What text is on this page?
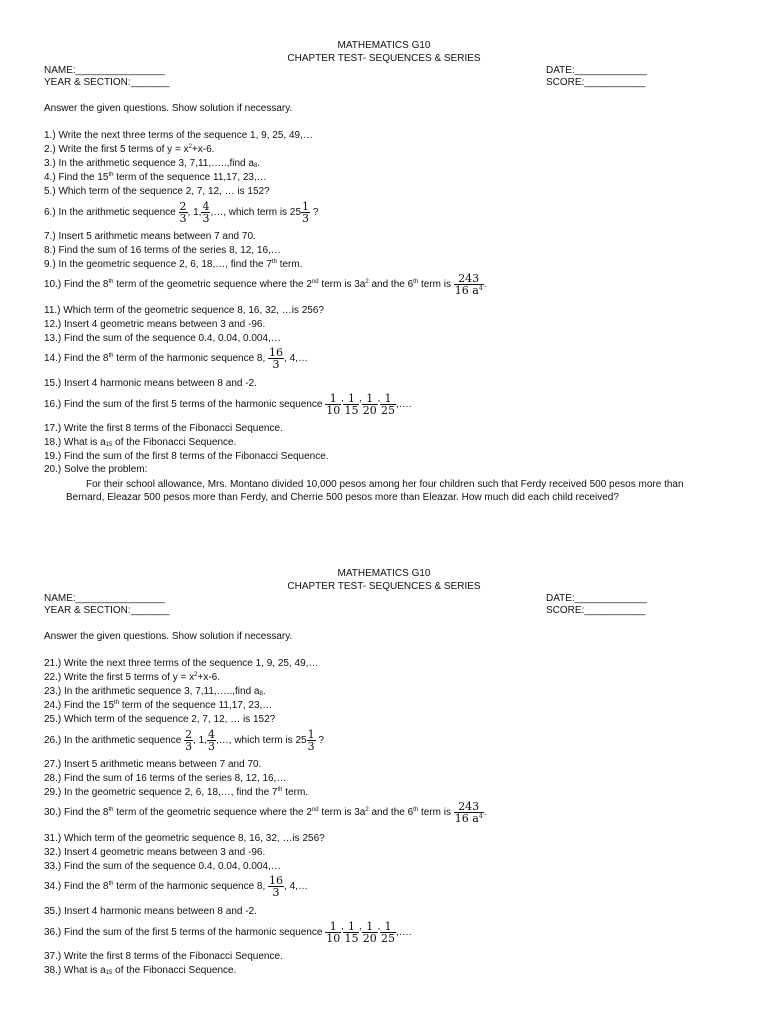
MATHEMATICS G10
CHAPTER TEST- SEQUENCES & SERIES
NAME:________________
YEAR & SECTION:_______
DATE:_____________
SCORE:___________
Answer the given questions. Show solution if necessary.
1.) Write the next three terms of the sequence 1, 9, 25, 49,…
2.) Write the first 5 terms of $y = x^2+x-6$.
3.) In the arithmetic sequence 3, 7,11,…..,find $a_8$.
4.) Find the 15th term of the sequence 11,17, 23,…
5.) Which term of the sequence 2, 7, 12, … is 152?
6.) In the arithmetic sequence $\frac{2}{3}$ , 1, $\frac{4}{3}$ ,…, which term is $25 \frac{1}{3}$ ?
7.) Insert 5 arithmetic means between 7 and 70.
8.) Find the sum of 16 terms of the series 8, 12, 16,…
9.) In the geometric sequence 2, 6, 18,…, find the 7th term.
10.) Find the 8th term of the geometric sequence where the 2nd term is $3a^2$ and the 6th term is $\frac{243}{16 a^4}$ .
11.) Which term of the geometric sequence 8, 16, 32, …is 256?
12.) Insert 4 geometric means between 3 and -96.
13.) Find the sum of the sequence 0.4, 0.04, 0.004,…
14.) Find the 8th term of the harmonic sequence 8, $\frac{16}{3}$ , 4,…
15.) Insert 4 harmonic means between 8 and -2.
16.) Find the sum of the first 5 terms of the harmonic sequence $\frac{1}{10}$ ’ $\frac{1}{15}$ ’ $\frac{1}{20}$ ’ $\frac{1}{25}$ ,….
17.) Write the first 8 terms of the Fibonacci Sequence.
18.) What is $a_{15}$ of the Fibonacci Sequence.
19.) Find the sum of the first 8 terms of the Fibonacci Sequence.
20.) Solve the problem:
For their school allowance, Mrs. Montano divided 10,000 pesos among her four children such that Ferdy received 500 pesos more than Bernard, Eleazar 500 pesos more than Ferdy, and Cherrie 500 pesos more than Eleazar. How much did each child received?
MATHEMATICS G10
CHAPTER TEST- SEQUENCES & SERIES
NAME:________________
YEAR & SECTION:_______
DATE:_____________
SCORE:___________
Answer the given questions. Show solution if necessary.
21.) Write the next three terms of the sequence 1, 9, 25, 49,…
22.) Write the first 5 terms of $y = x^2+x-6$.
23.) In the arithmetic sequence 3, 7,11,…..,find $a_8$.
24.) Find the 15th term of the sequence 11,17, 23,…
25.) Which term of the sequence 2, 7, 12, … is 152?
26.) In the arithmetic sequence $\frac{2}{3}$ , 1, $\frac{4}{3}$ ,…, which term is $25 \frac{1}{3}$ ?
27.) Insert 5 arithmetic means between 7 and 70.
28.) Find the sum of 16 terms of the series 8, 12, 16,…
29.) In the geometric sequence 2, 6, 18,…, find the 7th term.
30.) Find the 8th term of the geometric sequence where the 2nd term is $3a^2$ and the 6th term is $\frac{243}{16 a^4}$ .
31.) Which term of the geometric sequence 8, 16, 32, …is 256?
32.) Insert 4 geometric means between 3 and -96.
33.) Find the sum of the sequence 0.4, 0.04, 0.004,…
34.) Find the 8th term of the harmonic sequence 8, $\frac{16}{3}$ , 4,…
35.) Insert 4 harmonic means between 8 and -2.
36.) Find the sum of the first 5 terms of the harmonic sequence $\frac{1}{10}$ ’ $\frac{1}{15}$ ’ $\frac{1}{20}$ ’ $\frac{1}{25}$ ,….
37.) Write the first 8 terms of the Fibonacci Sequence.
38.) What is $a_{15}$ of the Fibonacci Sequence.
